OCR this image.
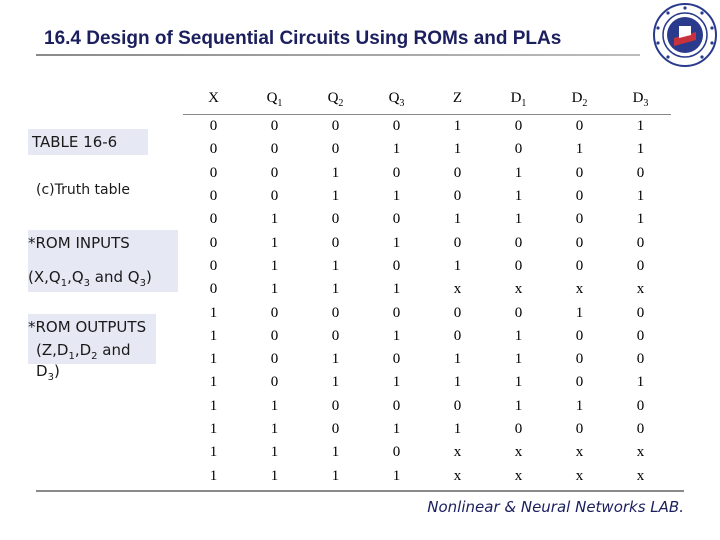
16.4 Design of Sequential Circuits Using ROMs and PLAs
TABLE 16-6
(c)Truth table
*ROM INPUTS
($X,Q_1,Q_3$ and $Q_3$)
*ROM OUTPUTS
($Z,D_1,D_2$ and $D_3$)
X	$Q_1$	$Q_2$	$Q_3$	Z	$D_1$	$D_2$	$D_3$
0	0	0	0	1	0	0	1
0	0	0	1	1	0	1	1
0	0	1	0	0	1	0	0
0	0	1	1	0	1	0	1
0	1	0	0	1	1	0	1
0	1	0	1	0	0	0	0
0	1	1	0	1	0	0	0
0	1	1	1	x	x	x	x
1	0	0	0	0	0	1	0
1	0	0	1	0	1	0	0
1	0	1	0	1	1	0	0
1	0	1	1	1	1	0	1
1	1	0	0	0	1	1	0
1	1	0	1	1	0	0	0
1	1	1	0	x	x	x	x
1	1	1	1	x	x	x	x
Nonlinear & Neural Networks LAB.
